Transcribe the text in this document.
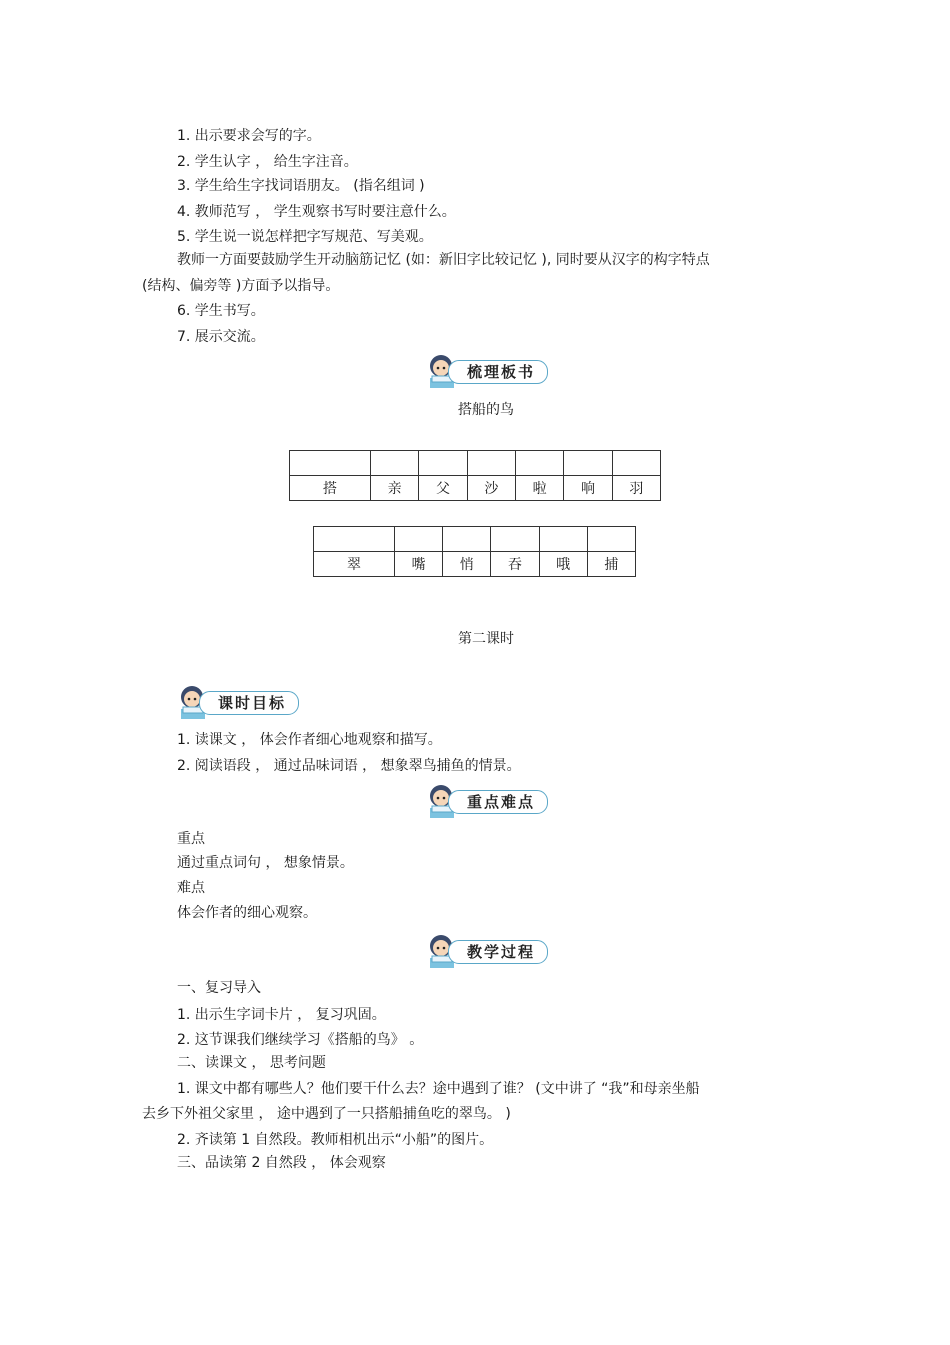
1. 出示要求会写的字。
2. 学生认字 ， 给生字注音。
3. 学生给生字找词语朋友。 (指名组词 )
4. 教师范写 ， 学生观察书写时要注意什么。
5. 学生说一说怎样把字写规范、写美观。
教师一方面要鼓励学生开动脑筋记忆 (如：新旧字比较记忆 ), 同时要从汉字的构字特点
(结构、偏旁等 )方面予以指导。
6. 学生书写。
7. 展示交流。
梳理板书
搭船的鸟

搭	亲	父	沙	啦	响	羽

翠	嘴	悄	吞	哦	捕
第二课时
课时目标
1. 读课文 ， 体会作者细心地观察和描写。
2. 阅读语段 ， 通过品味词语 ， 想象翠鸟捕鱼的情景。
重点难点
重点
通过重点词句 ， 想象情景。
难点
体会作者的细心观察。
教学过程
一、复习导入
1. 出示生字词卡片 ， 复习巩固。
2. 这节课我们继续学习《搭船的鸟》 。
二、读课文 ， 思考问题
1. 课文中都有哪些人？他们要干什么去？途中遇到了谁？ (文中讲了 “我”和母亲坐船
去乡下外祖父家里 ， 途中遇到了一只搭船捕鱼吃的翠鸟。 )
2. 齐读第 1 自然段。教师相机出示“小船”的图片。
三、品读第 2 自然段 ， 体会观察
